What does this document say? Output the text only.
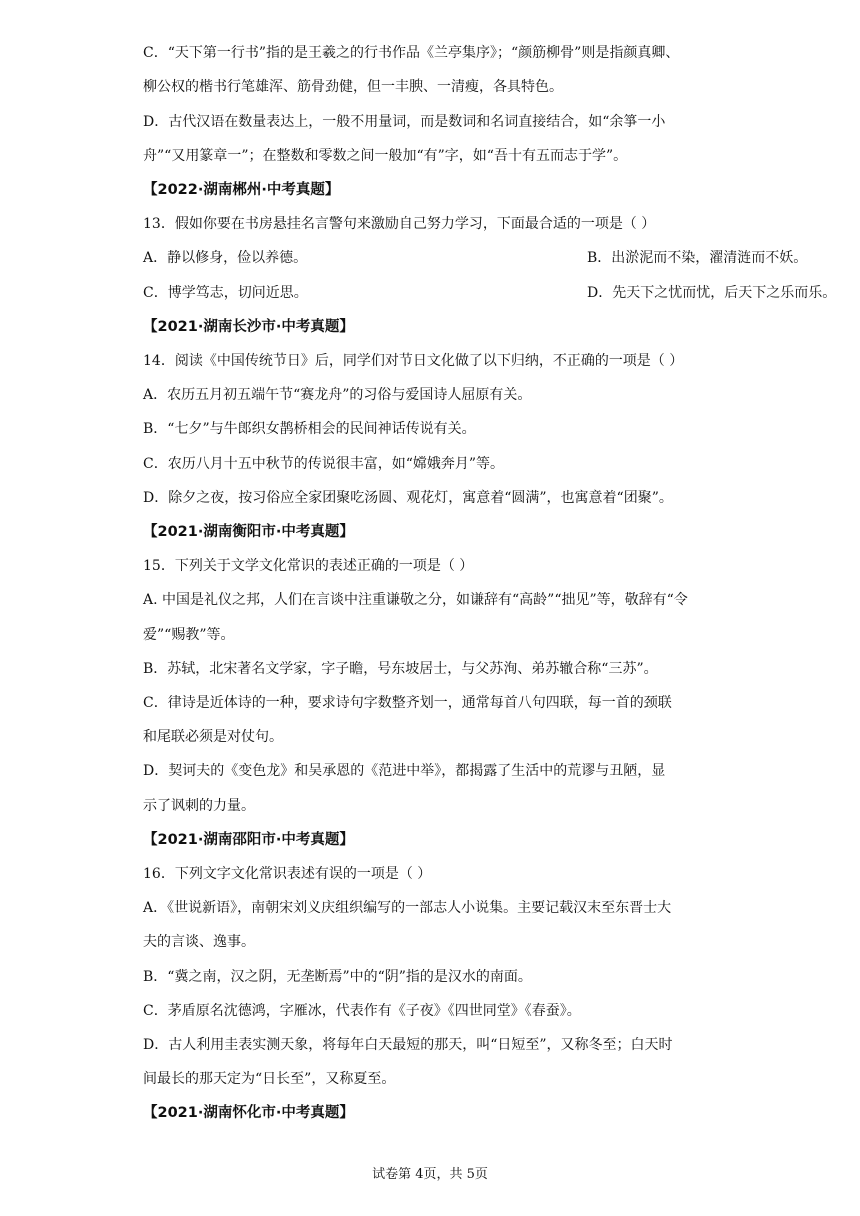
C．“天下第一行书”指的是王羲之的行书作品《兰亭集序》；“颜筋柳骨”则是指颜真卿、
柳公权的楷书行笔雄浑、筋骨劲健，但一丰腴、一清瘦，各具特色。
D．古代汉语在数量表达上，一般不用量词，而是数词和名词直接结合，如“余箏一小
舟”“又用篆章一”；在整数和零数之间一般加“有”字，如“吾十有五而志于学”。
【2022·湖南郴州·中考真题】
13．假如你要在书房悬挂名言警句来激励自己努力学习，下面最合适的一项是（ ）
A．静以修身，俭以养德。	B．出淤泥而不染，濯清涟而不妖。
C．博学笃志，切问近思。	D．先天下之忧而忧，后天下之乐而乐。
【2021·湖南长沙市·中考真题】
14．阅读《中国传统节日》后，同学们对节日文化做了以下归纳，不正确的一项是（ ）
A．农历五月初五端午节“赛龙舟”的习俗与爱国诗人屈原有关。
B．“七夕”与牛郎织女鹊桥相会的民间神话传说有关。
C．农历八月十五中秋节的传说很丰富，如“嫦娥奔月”等。
D．除夕之夜，按习俗应全家团聚吃汤圆、观花灯，寓意着“圆满”，也寓意着“团聚”。
【2021·湖南衡阳市·中考真题】
15．下列关于文学文化常识的表述正确的一项是（ ）
A. 中国是礼仪之邦，人们在言谈中注重谦敬之分，如谦辞有“高龄”“拙见”等，敬辞有“令
爱”“赐教”等。
B．苏轼，北宋著名文学家，字子瞻，号东坡居士，与父苏洵、弟苏辙合称“三苏”。
C．律诗是近体诗的一种，要求诗句字数整齐划一，通常每首八句四联，每一首的颈联
和尾联必须是对仗句。
D．契诃夫的《变色龙》和吴承恩的《范进中举》，都揭露了生活中的荒谬与丑陋，显
示了讽刺的力量。
【2021·湖南邵阳市·中考真题】
16．下列文字文化常识表述有误的一项是（ ）
A．《世说新语》，南朝宋刘义庆组织编写的一部志人小说集。主要记载汉末至东晋士大
夫的言谈、逸事。
B．“冀之南，汉之阴，无垄断焉”中的“阴”指的是汉水的南面。
C．茅盾原名沈德鸿，字雁冰，代表作有《子夜》《四世同堂》《春蚕》。
D．古人利用圭表实测天象，将每年白天最短的那天，叫“日短至”，又称冬至；白天时
间最长的那天定为“日长至”，又称夏至。
【2021·湖南怀化市·中考真题】
试卷第 4页，共 5页
